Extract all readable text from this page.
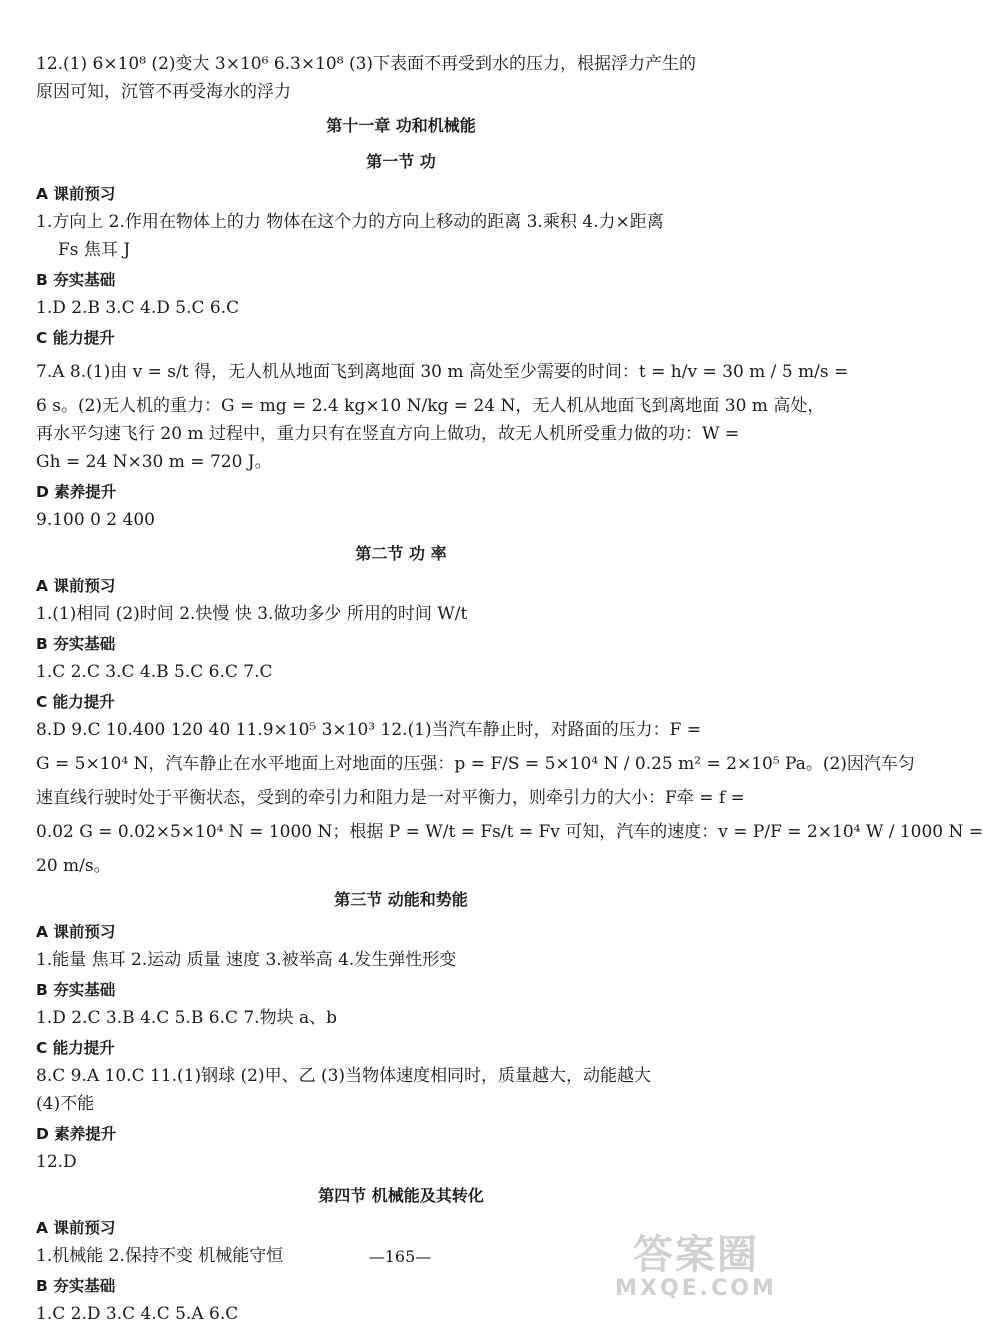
12.(1) 6×10⁸ (2)变大 3×10⁶ 6.3×10⁸ (3)下表面不再受到水的压力，根据浮力产生的

原因可知，沉管不再受海水的浮力

第十一章 功和机械能

第一节 功

A 课前预习

1.方向上 2.作用在物体上的力 物体在这个力的方向上移动的距离 3.乘积 4.力×距离

Fs 焦耳 J

B 夯实基础

1.D 2.B 3.C 4.D 5.C 6.C

C 能力提升

7.A 8.(1)由 v = s/t 得，无人机从地面飞到离地面 30 m 高处至少需要的时间：t = h/v = 30 m / 5 m/s =

6 s。(2)无人机的重力：G = mg = 2.4 kg×10 N/kg = 24 N，无人机从地面飞到离地面 30 m 高处，

再水平匀速飞行 20 m 过程中，重力只有在竖直方向上做功，故无人机所受重力做的功：W =

Gh = 24 N×30 m = 720 J。

D 素养提升

9.100 0 2 400

第二节 功 率

A 课前预习

1.(1)相同 (2)时间 2.快慢 快 3.做功多少 所用的时间 W/t

B 夯实基础

1.C 2.C 3.C 4.B 5.C 6.C 7.C

C 能力提升

8.D 9.C 10.400 120 40 11.9×10⁵ 3×10³ 12.(1)当汽车静止时，对路面的压力：F =

G = 5×10⁴ N，汽车静止在水平地面上对地面的压强：p = F/S = 5×10⁴ N / 0.25 m² = 2×10⁵ Pa。(2)因汽车匀

速直线行驶时处于平衡状态，受到的牵引力和阻力是一对平衡力，则牵引力的大小：F牵 = f =

0.02 G = 0.02×5×10⁴ N = 1000 N；根据 P = W/t = Fs/t = Fv 可知，汽车的速度：v = P/F = 2×10⁴ W / 1000 N =

20 m/s。

第三节 动能和势能

A 课前预习

1.能量 焦耳 2.运动 质量 速度 3.被举高 4.发生弹性形变

B 夯实基础

1.D 2.C 3.B 4.C 5.B 6.C 7.物块 a、b

C 能力提升

8.C 9.A 10.C 11.(1)钢球 (2)甲、乙 (3)当物体速度相同时，质量越大，动能越大

(4)不能

D 素养提升

12.D

第四节 机械能及其转化

A 课前预习

1.机械能 2.保持不变 机械能守恒

B 夯实基础

1.C 2.D 3.C 4.C 5.A 6.C

—165—	答案圈
MXQE.COM
